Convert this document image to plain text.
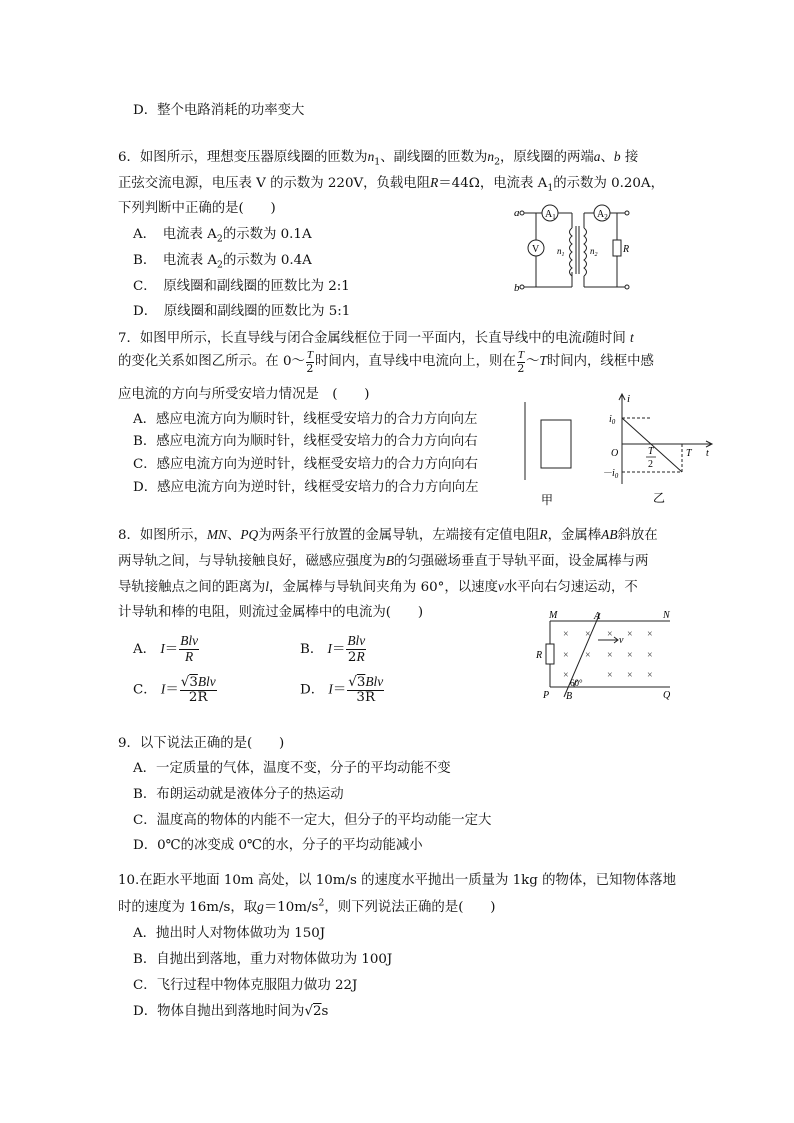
D．整个电路消耗的功率变大
6．如图所示，理想变压器原线圈的匝数为$n_1$、副线圈的匝数为$n_2$，原线圈的两端a、b 接
正弦交流电源，电压表 V 的示数为 220V，负载电阻R＝44Ω，电流表 $A_1$的示数为 0.20A，
下列判断中正确的是(　　)
A．　电流表 $A_2$的示数为 0.1A
B．　电流表 $A_2$的示数为 0.4A
C．　原线圈和副线圈的匝数比为 2:1
D．　原线圈和副线圈的匝数比为 5:1
a
b
$A_1$	$A_2$
V $n_1$	$n_2$	R
7．如图甲所示，长直导线与闭合金属线框位于同一平面内，长直导线中的电流i随时间 t
的变化关系如图乙所示。在 0～ $\frac{T}{2}$ 时间内，直导线中电流向上，则在 $\frac{T}{2}$ ～T时间内，线框中感
应电流的方向与所受安培力情况是　(　　)
A．感应电流方向为顺时针，线框受安培力的合力方向向左
B．感应电流方向为顺时针，线框受安培力的合力方向向右
C．感应电流方向为逆时针，线框受安培力的合力方向向右
D．感应电流方向为逆时针，线框受安培力的合力方向向左
甲
i
$i_0$
O	T
2
T t
$-i_0$
乙
8．如图所示，MN、PQ为两条平行放置的金属导轨，左端接有定值电阻R，金属棒AB斜放在
两导轨之间，与导轨接触良好，磁感应强度为B的匀强磁场垂直于导轨平面，设金属棒与两
导轨接触点之间的距离为l，金属棒与导轨间夹角为 60°，以速度v水平向右匀速运动，不
计导轨和棒的电阻，则流过金属棒中的电流为(　　)
A． $I= \frac{\text{Blv}}{R}$	B． $I= \frac{\text{Blv}}{2R}$
C． $I= \frac{\text{√3Blv}}{2R}$	D． $I= \frac{\text{√3Blv}}{3R}$
M	A	N
R
v
P B	Q
60°
× × × × ×
× × × × ×
×	× × ×
9．以下说法正确的是(　　)
A．一定质量的气体，温度不变，分子的平均动能不变
B．布朗运动就是液体分子的热运动
C．温度高的物体的内能不一定大，但分子的平均动能一定大
D．0℃的冰变成 0℃的水，分子的平均动能减小
10.在距水平地面 10m 高处，以 10m/s 的速度水平抛出一质量为 1kg 的物体，已知物体落地
时的速度为 16m/s，取$g=10m/s^2$，则下列说法正确的是(　　)
A．抛出时人对物体做功为 150J
B．自抛出到落地，重力对物体做功为 100J
C．飞行过程中物体克服阻力做功 22J
D．物体自抛出到落地时间为√2s
